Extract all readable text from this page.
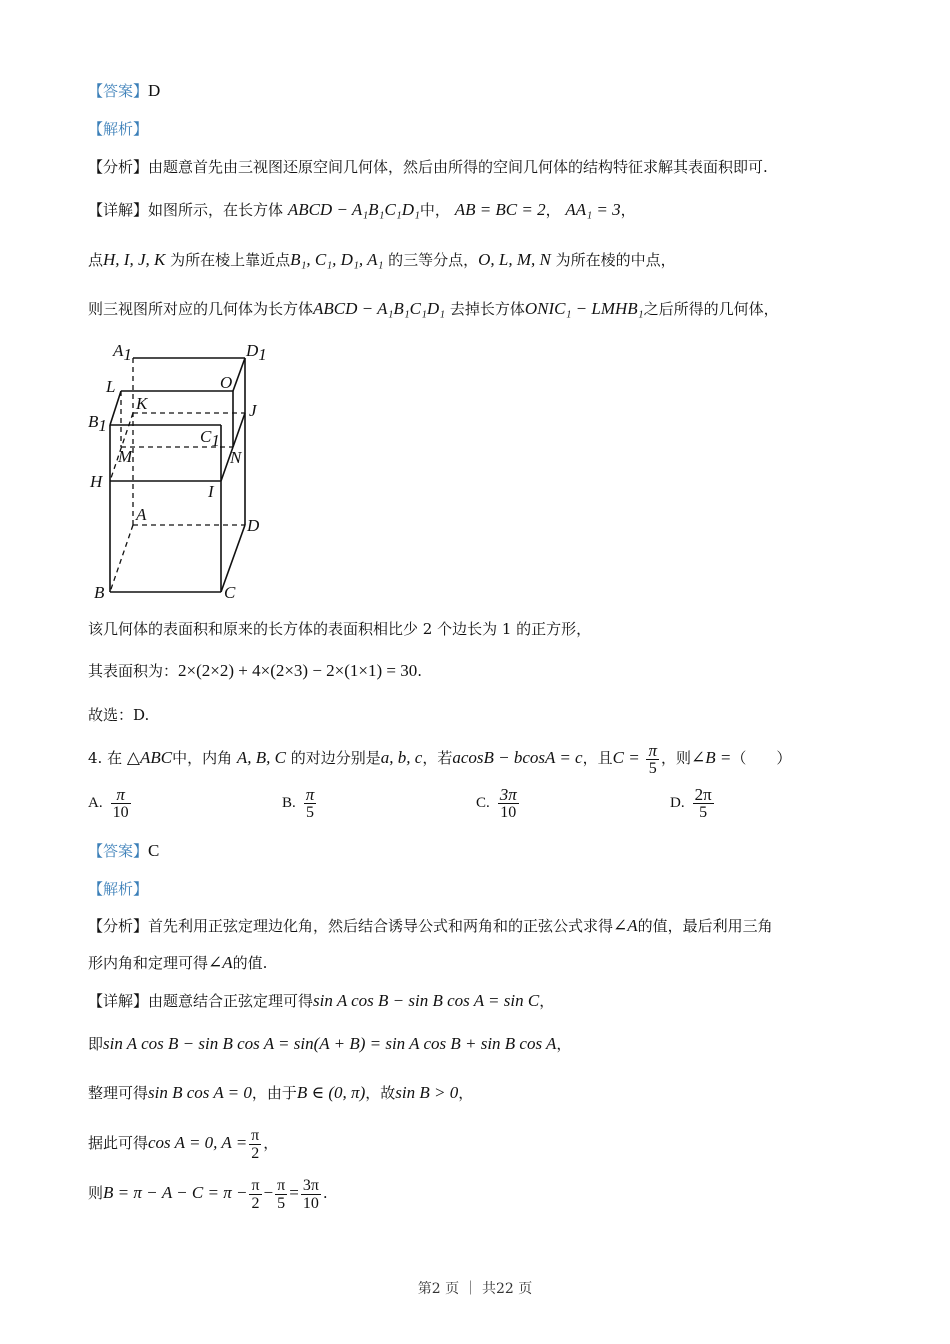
【答案】D
【解析】
【分析】由题意首先由三视图还原空间几何体，然后由所得的空间几何体的结构特征求解其表面积即可.
【详解】如图所示，在长方体 ABCD − A₁B₁C₁D₁中， AB = BC = 2， AA₁ = 3，
点H, I, J, K 为所在棱上靠近点B₁, C₁, D₁, A₁ 的三等分点，O, L, M, N 为所在棱的中点，
则三视图所对应的几何体为长方体ABCD − A₁B₁C₁D₁ 去掉长方体ONIC₁ − LMHB₁之后所得的几何体，
A1	D1
L	O
B1
K	J
C1
M	N
H
I
A
D
B	C
该几何体的表面积和原来的长方体的表面积相比少 2 个边长为 1 的正方形，
其表面积为：2×(2×2) + 4×(2×3) − 2×(1×1) = 30.
故选：D.
4. 在 △ABC中，内角 A, B, C 的对边分别是a, b, c，若acosB − bcosA = c，且$C = \frac{\pi}{5}$ ，则∠B =（　　）
A. $\frac{\pi}{10}$	B. $\frac{\pi}{5}$	C. $\frac{3\pi}{10}$	D. $\frac{2\pi}{5}$
【答案】C
【解析】
【分析】首先利用正弦定理边化角，然后结合诱导公式和两角和的正弦公式求得∠A的值，最后利用三角
形内角和定理可得∠A的值.
【详解】由题意结合正弦定理可得sin A cos B − sin B cos A = sin C，
即sin A cos B − sin B cos A = sin(A + B) = sin A cos B + sin B cos A，
整理可得sin B cos A = 0，由于B ∈ (0, π)，故sin B > 0，
据此可得cos A = 0, $A = \frac{\pi}{2}$ ，
则$B = \pi - A - C = \pi - \frac{\pi}{2} - \frac{\pi}{5} = \frac{3\pi}{10}$ .
第2 页 ｜ 共22 页
